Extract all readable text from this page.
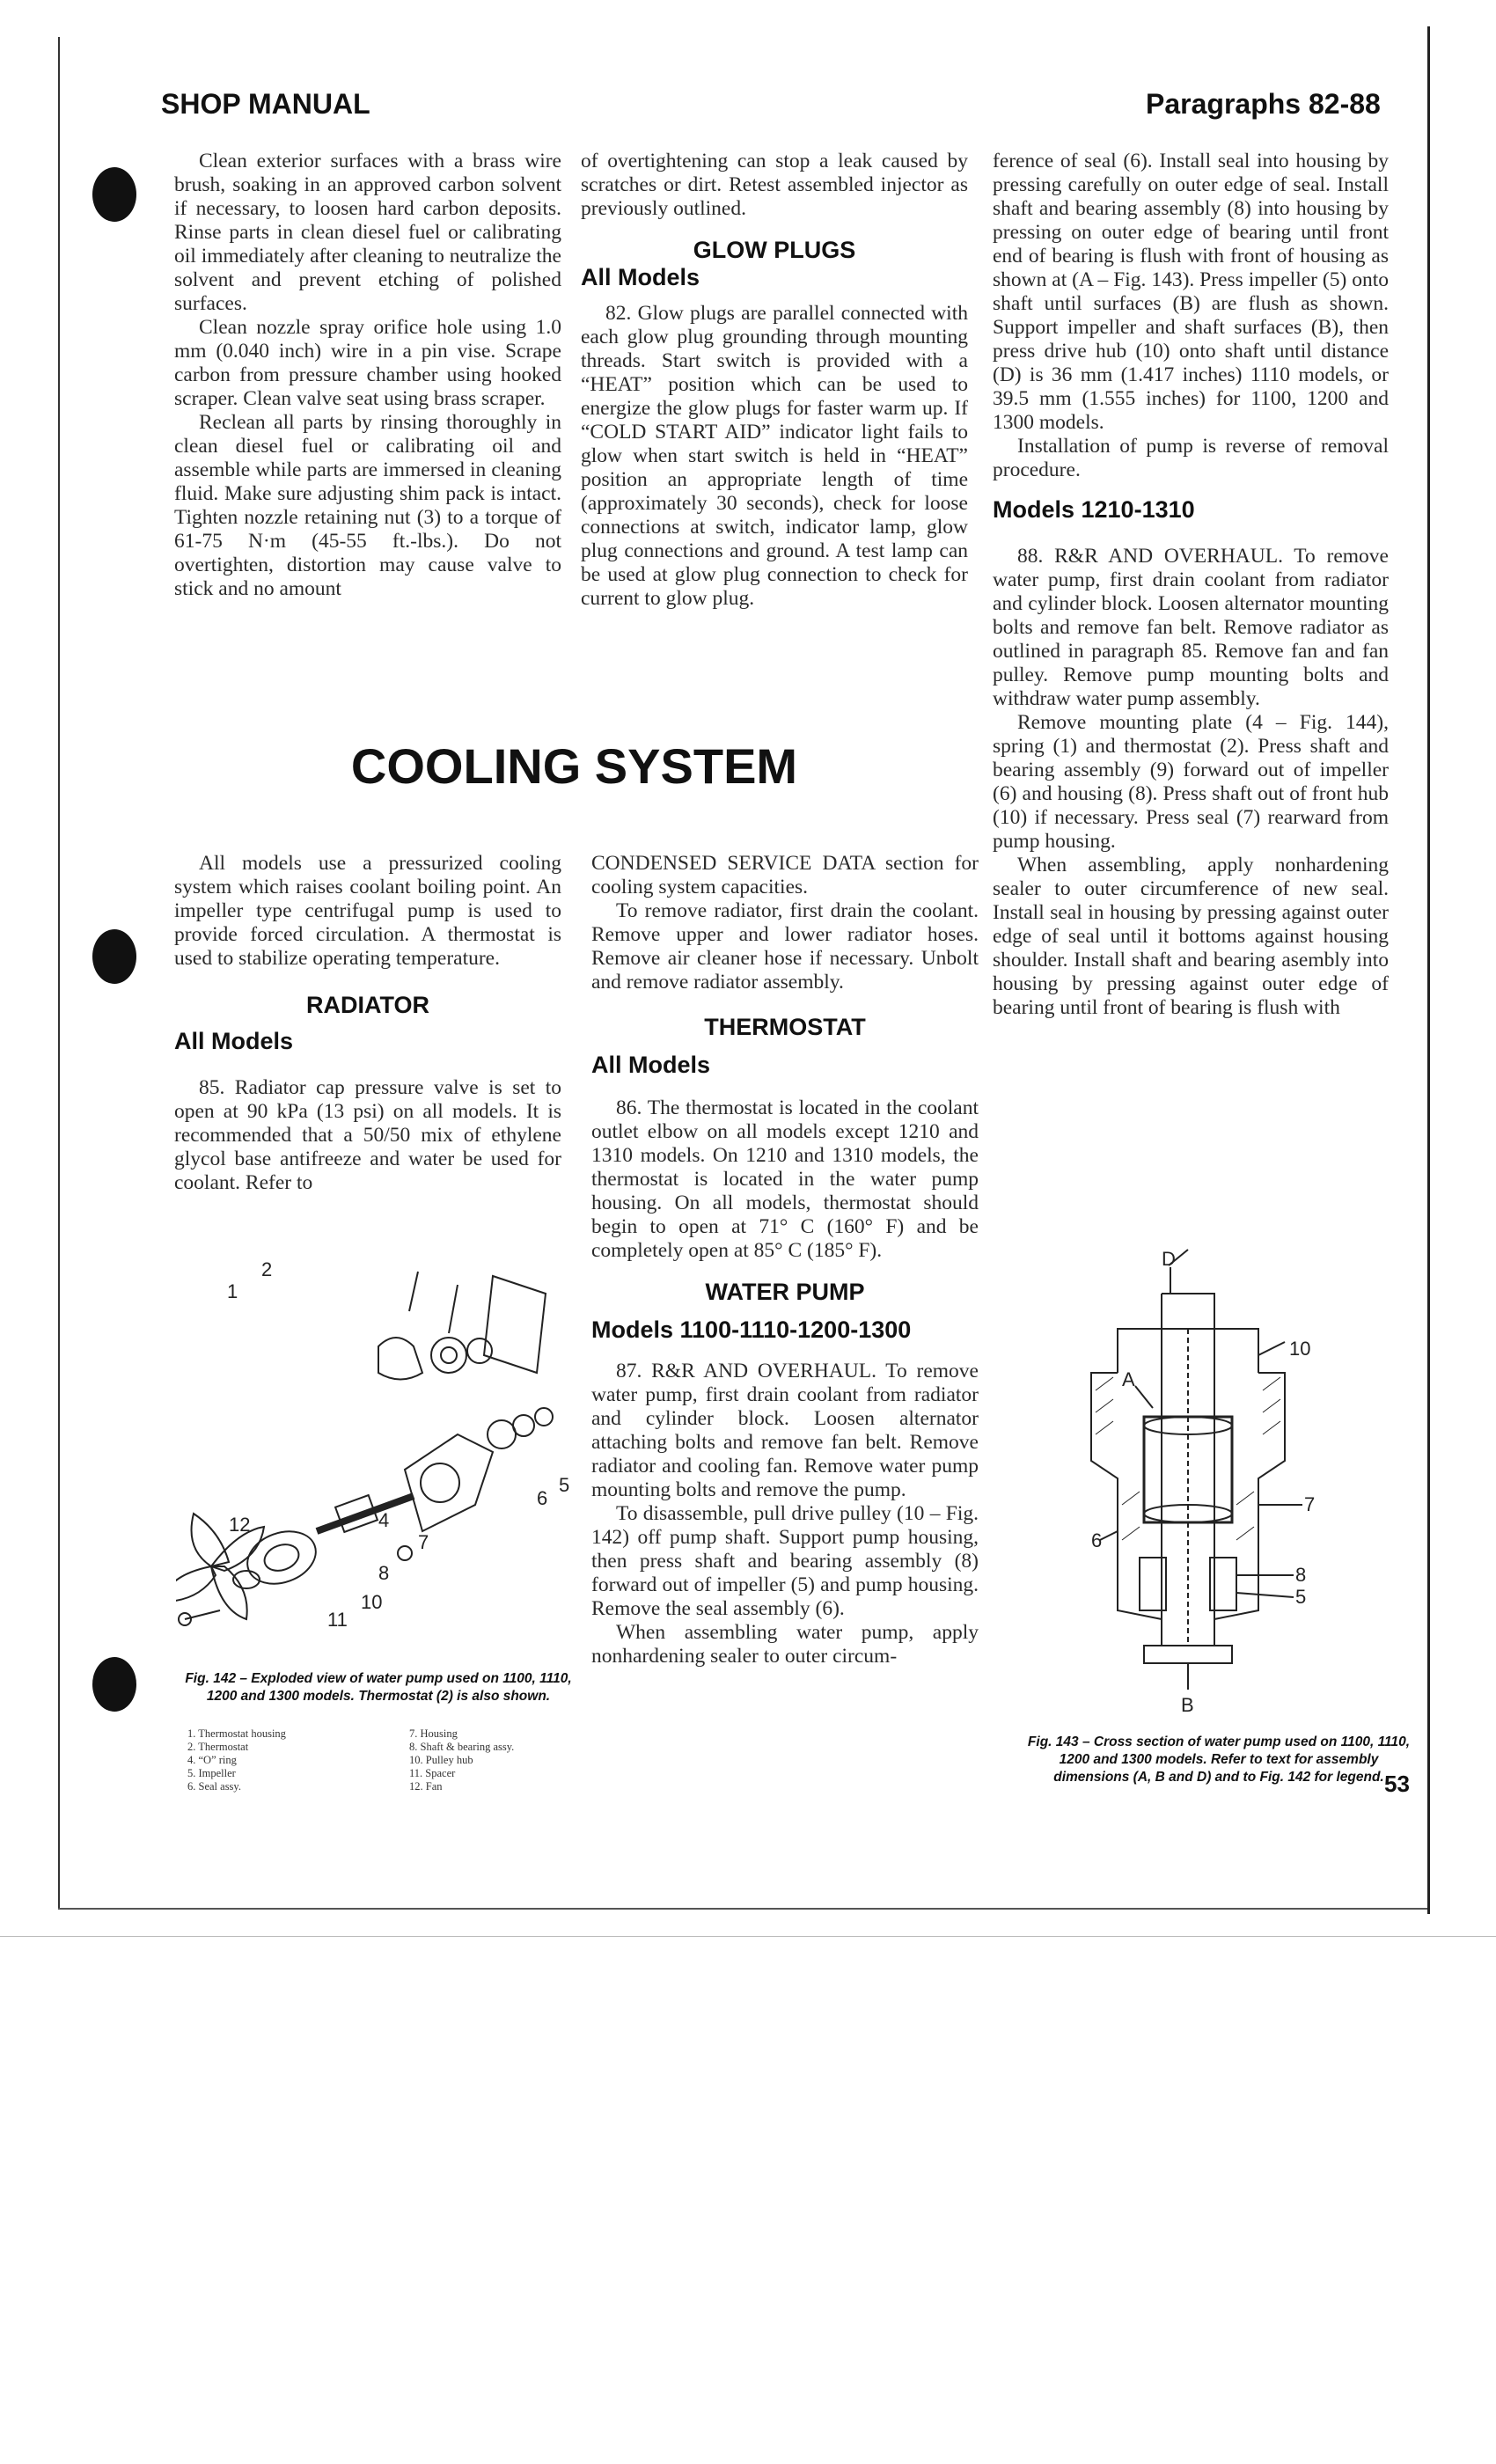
SHOP MANUAL	Paragraphs 82-88

Clean exterior surfaces with a brass wire brush, soaking in an approved carbon solvent if necessary, to loosen hard carbon deposits. Rinse parts in clean diesel fuel or calibrating oil immediately after cleaning to neutralize the solvent and prevent etching of polished surfaces.

Clean nozzle spray orifice hole using 1.0 mm (0.040 inch) wire in a pin vise. Scrape carbon from pressure chamber using hooked scraper. Clean valve seat using brass scraper.

Reclean all parts by rinsing thoroughly in clean diesel fuel or calibrating oil and assemble while parts are immersed in cleaning fluid. Make sure adjusting shim pack is intact. Tighten nozzle retaining nut (3) to a torque of 61-75 N·m (45-55 ft.-lbs.). Do not overtighten, distortion may cause valve to stick and no amount

of overtightening can stop a leak caused by scratches or dirt. Retest assembled injector as previously outlined.

GLOW PLUGS
All Models

82. Glow plugs are parallel connected with each glow plug grounding through mounting threads. Start switch is provided with a “HEAT” position which can be used to energize the glow plugs for faster warm up. If “COLD START AID” indicator light fails to glow when start switch is held in “HEAT” position an appropriate length of time (approximately 30 seconds), check for loose connections at switch, indicator lamp, glow plug connections and ground. A test lamp can be used at glow plug connection to check for current to glow plug.

ference of seal (6). Install seal into housing by pressing carefully on outer edge of seal. Install shaft and bearing assembly (8) into housing by pressing on outer edge of bearing until front end of bearing is flush with front of housing as shown at (A – Fig. 143). Press impeller (5) onto shaft until surfaces (B) are flush as shown. Support impeller and shaft surfaces (B), then press drive hub (10) onto shaft until distance (D) is 36 mm (1.417 inches) 1110 models, or 39.5 mm (1.555 inches) for 1100, 1200 and 1300 models.

Installation of pump is reverse of removal procedure.

Models 1210-1310

88. R&R AND OVERHAUL. To remove water pump, first drain coolant from radiator and cylinder block. Loosen alternator mounting bolts and remove fan belt. Remove radiator as outlined in paragraph 85. Remove fan and fan pulley. Remove pump mounting bolts and withdraw water pump assembly.

Remove mounting plate (4 – Fig. 144), spring (1) and thermostat (2). Press shaft and bearing assembly (9) forward out of impeller (6) and housing (8). Press shaft out of front hub (10) if necessary. Press seal (7) rearward from pump housing.

When assembling, apply nonhardening sealer to outer circumference of new seal. Install seal in housing by pressing against outer edge of seal until it bottoms against housing shoulder. Install shaft and bearing asembly into housing by pressing against outer edge of bearing until front of bearing is flush with

COOLING SYSTEM

All models use a pressurized cooling system which raises coolant boiling point. An impeller type centrifugal pump is used to provide forced circulation. A thermostat is used to stabilize operating temperature.

RADIATOR
All Models

85. Radiator cap pressure valve is set to open at 90 kPa (13 psi) on all models. It is recommended that a 50/50 mix of ethylene glycol base antifreeze and water be used for coolant. Refer to

CONDENSED SERVICE DATA section for cooling system capacities.

To remove radiator, first drain the coolant. Remove upper and lower radiator hoses. Remove air cleaner hose if necessary. Unbolt and remove radiator assembly.

THERMOSTAT
All Models

86. The thermostat is located in the coolant outlet elbow on all models except 1210 and 1310 models. On 1210 and 1310 models, the thermostat is located in the water pump housing. On all models, thermostat should begin to open at 71° C (160° F) and be completely open at 85° C (185° F).

WATER PUMP
Models 1100-1110-1200-1300

87. R&R AND OVERHAUL. To remove water pump, first drain coolant from radiator and cylinder block. Loosen alternator attaching bolts and remove fan belt. Remove radiator and cooling fan. Remove water pump mounting bolts and remove the pump.

To disassemble, pull drive pulley (10 – Fig. 142) off pump shaft. Support pump housing, then press shaft and bearing assembly (8) forward out of impeller (5) and pump housing. Remove the seal assembly (6).

When assembling water pump, apply nonhardening sealer to outer circum-

1
2
4
5
6
7
8
10
11
12
Fig. 142 – Exploded view of water pump used on 1100, 1110, 1200 and 1300 models. Thermostat (2) is also shown.
1. Thermostat housing
2. Thermostat
4. “O” ring
5. Impeller
6. Seal assy.
7. Housing
8. Shaft & bearing assy.
10. Pulley hub
11. Spacer
12. Fan
D
10
A
7
6
8
5
B
Fig. 143 – Cross section of water pump used on 1100, 1110, 1200 and 1300 models. Refer to text for assembly dimensions (A, B and D) and to Fig. 142 for legend. 53
